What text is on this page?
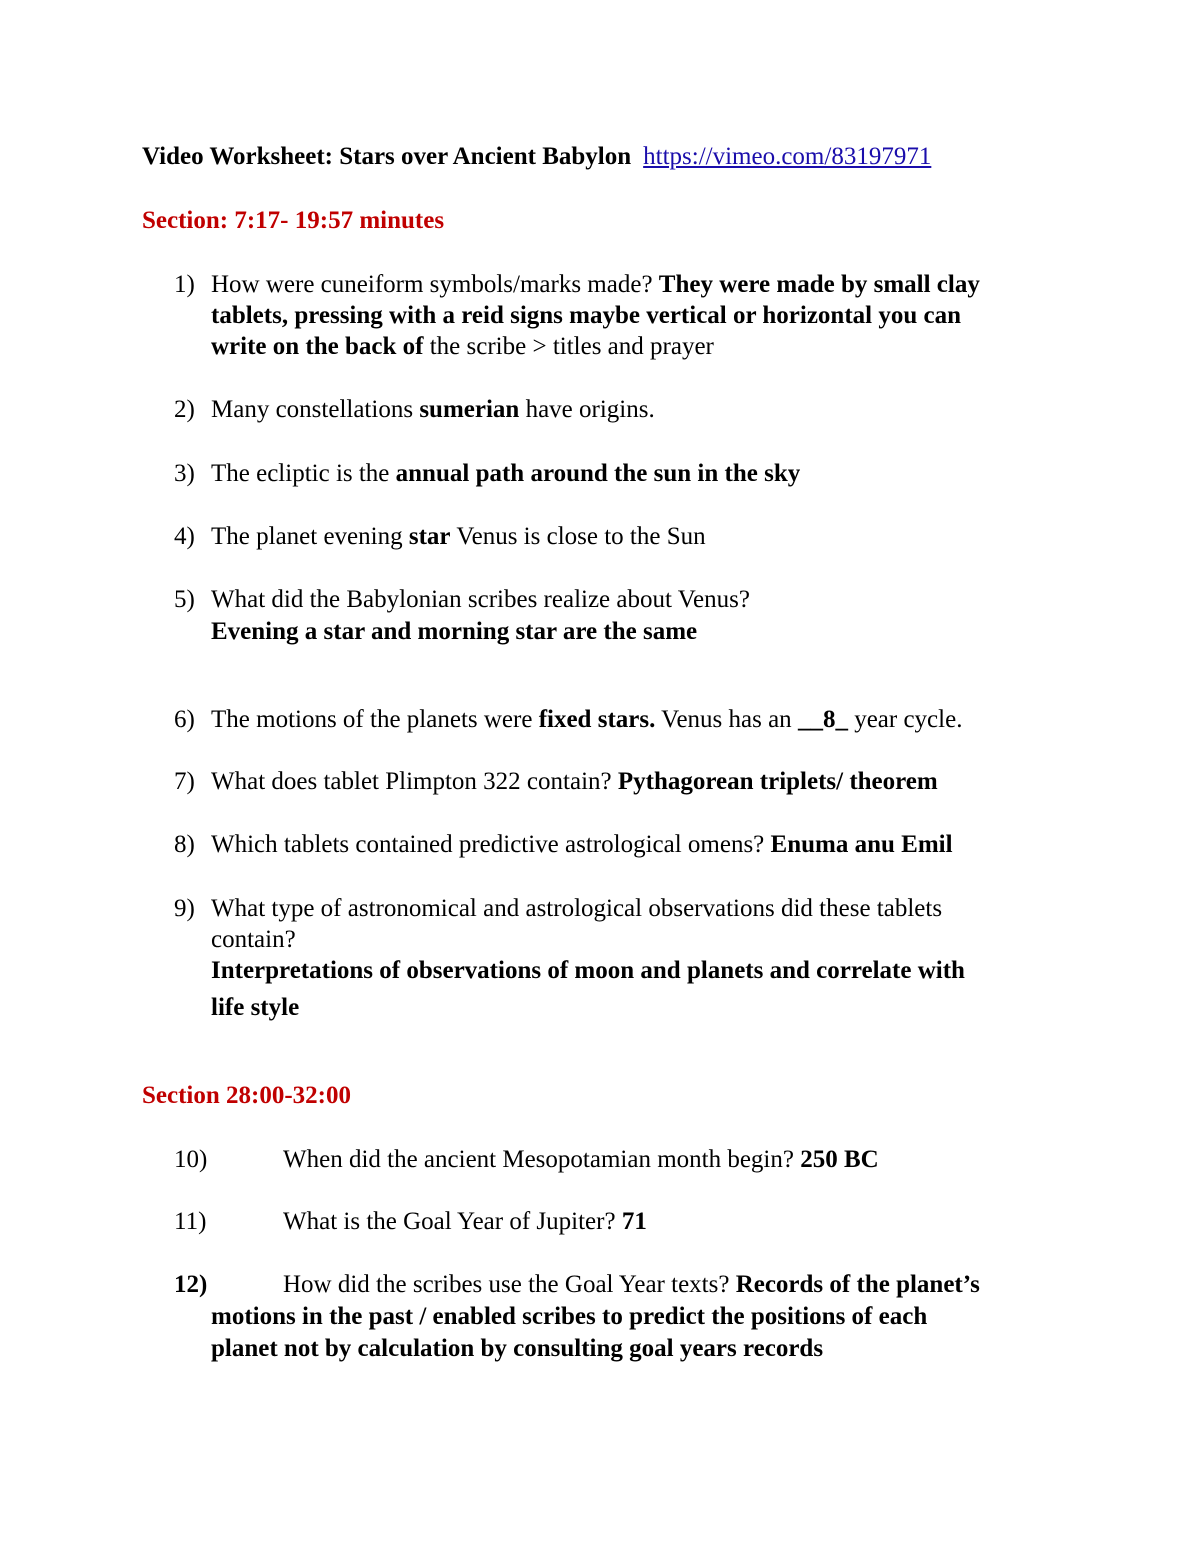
Video Worksheet: Stars over Ancient Babylon https://vimeo.com/83197971
Section: 7:17- 19:57 minutes
1) How were cuneiform symbols/marks made? They were made by small clay
tablets, pressing with a reid signs maybe vertical or horizontal you can
write on the back of the scribe > titles and prayer
2) Many constellations sumerian have origins.
3) The ecliptic is the annual path around the sun in the sky
4) The planet evening star Venus is close to the Sun
5) What did the Babylonian scribes realize about Venus?
Evening a star and morning star are the same
6) The motions of the planets were fixed stars. Venus has an __8_ year cycle.
7) What does tablet Plimpton 322 contain? Pythagorean triplets/ theorem
8) Which tablets contained predictive astrological omens? Enuma anu Emil
9) What type of astronomical and astrological observations did these tablets
contain?
Interpretations of observations of moon and planets and correlate with
life style
Section 28:00-32:00
10)	When did the ancient Mesopotamian month begin? 250 BC
11)	What is the Goal Year of Jupiter? 71
12)	How did the scribes use the Goal Year texts? Records of the planet’s
motions in the past / enabled scribes to predict the positions of each
planet not by calculation by consulting goal years records
